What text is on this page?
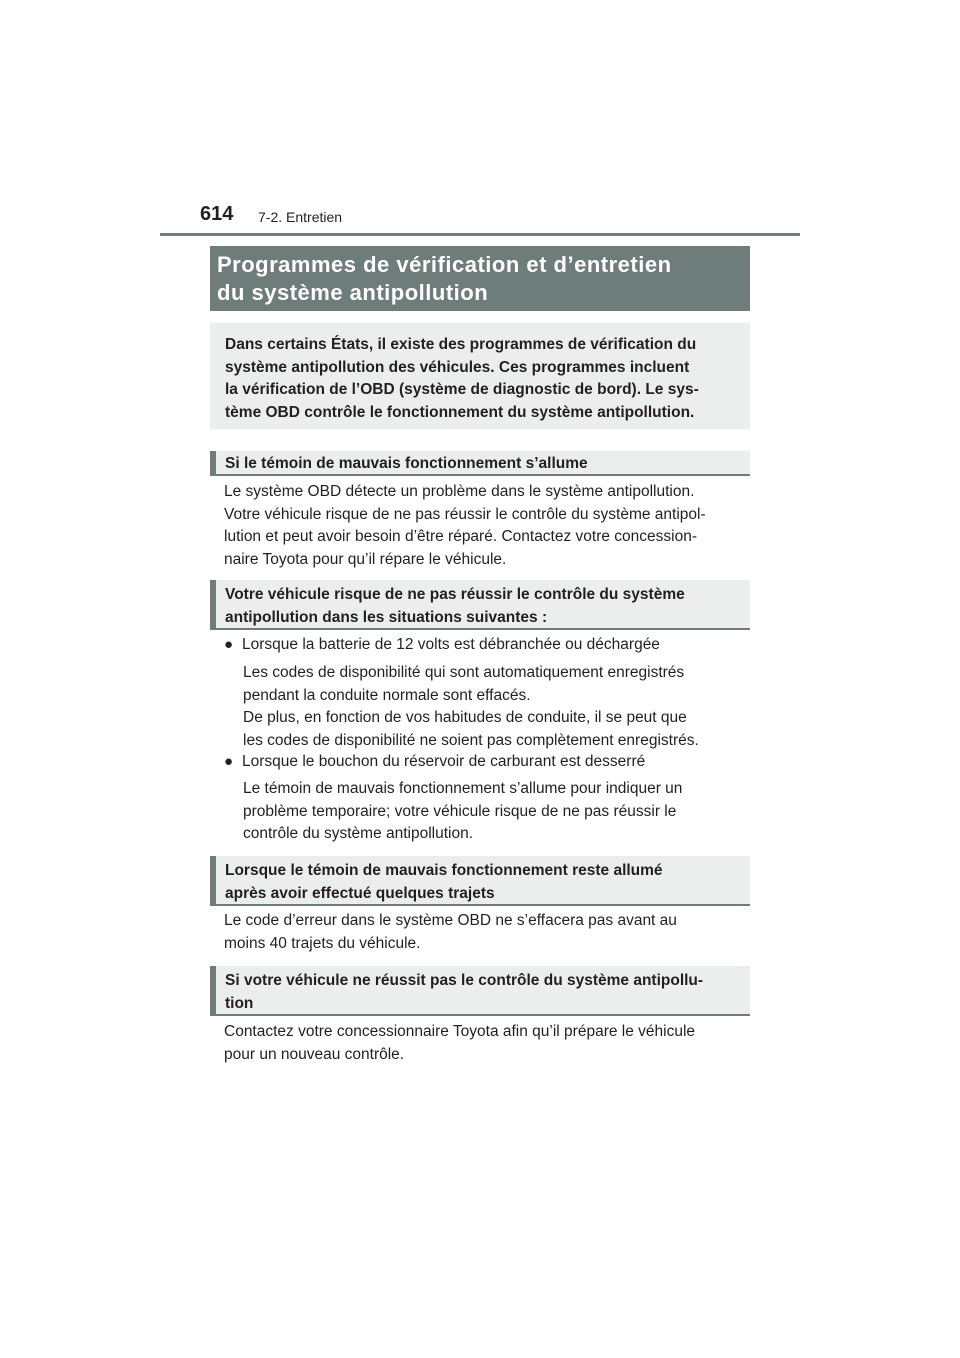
614 7-2. Entretien
Programmes de vérification et d’entretien
du système antipollution
Dans certains États, il existe des programmes de vérification du
système antipollution des véhicules. Ces programmes incluent
la vérification de l’OBD (système de diagnostic de bord). Le sys-
tème OBD contrôle le fonctionnement du système antipollution.
Si le témoin de mauvais fonctionnement s’allume

Le système OBD détecte un problème dans le système antipollution.
Votre véhicule risque de ne pas réussir le contrôle du système antipol-
lution et peut avoir besoin d’être réparé. Contactez votre concession-
naire Toyota pour qu’il répare le véhicule.

Votre véhicule risque de ne pas réussir le contrôle du système
antipollution dans les situations suivantes :
● Lorsque la batterie de 12 volts est débranchée ou déchargée

Les codes de disponibilité qui sont automatiquement enregistrés
pendant la conduite normale sont effacés.

De plus, en fonction de vos habitudes de conduite, il se peut que
les codes de disponibilité ne soient pas complètement enregistrés.

● Lorsque le bouchon du réservoir de carburant est desserré

Le témoin de mauvais fonctionnement s’allume pour indiquer un
problème temporaire; votre véhicule risque de ne pas réussir le
contrôle du système antipollution.

Lorsque le témoin de mauvais fonctionnement reste allumé
après avoir effectué quelques trajets

Le code d’erreur dans le système OBD ne s’effacera pas avant au
moins 40 trajets du véhicule.

Si votre véhicule ne réussit pas le contrôle du système antipollu-
tion

Contactez votre concessionnaire Toyota afin qu’il prépare le véhicule
pour un nouveau contrôle.
